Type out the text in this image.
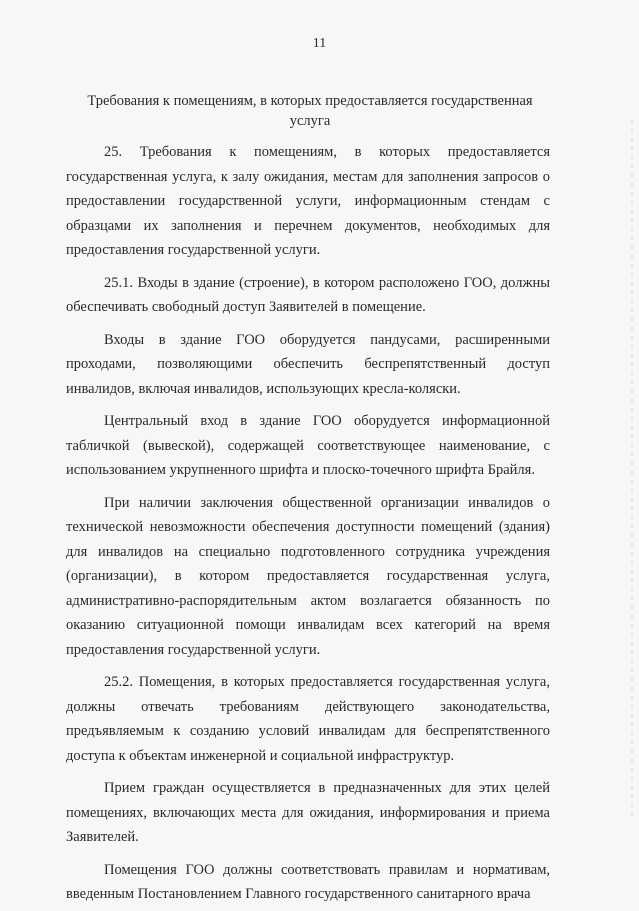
11
Требования к помещениям, в которых предоставляется государственная услуга

25. Требования к помещениям, в которых предоставляется государственная услуга, к залу ожидания, местам для заполнения запросов о предоставлении государственной услуги, информационным стендам с образцами их заполнения и перечнем документов, необходимых для предоставления государственной услуги.

25.1. Входы в здание (строение), в котором расположено ГОО, должны обеспечивать свободный доступ Заявителей в помещение.

Входы в здание ГОО оборудуется пандусами, расширенными проходами, позволяющими обеспечить беспрепятственный доступ инвалидов, включая инвалидов, использующих кресла-коляски.

Центральный вход в здание ГОО оборудуется информационной табличкой (вывеской), содержащей соответствующее наименование, с использованием укрупненного шрифта и плоско-точечного шрифта Брайля.

При наличии заключения общественной организации инвалидов о технической невозможности обеспечения доступности помещений (здания) для инвалидов на специально подготовленного сотрудника учреждения (организации), в котором предоставляется государственная услуга, административно-распорядительным актом возлагается обязанность по оказанию ситуационной помощи инвалидам всех категорий на время предоставления государственной услуги.

25.2. Помещения, в которых предоставляется государственная услуга, должны отвечать требованиям действующего законодательства, предъявляемым к созданию условий инвалидам для беспрепятственного доступа к объектам инженерной и социальной инфраструктур.

Прием граждан осуществляется в предназначенных для этих целей помещениях, включающих места для ожидания, информирования и приема Заявителей.

Помещения ГОО должны соответствовать правилам и нормативам, введенным Постановлением Главного государственного санитарного врача
